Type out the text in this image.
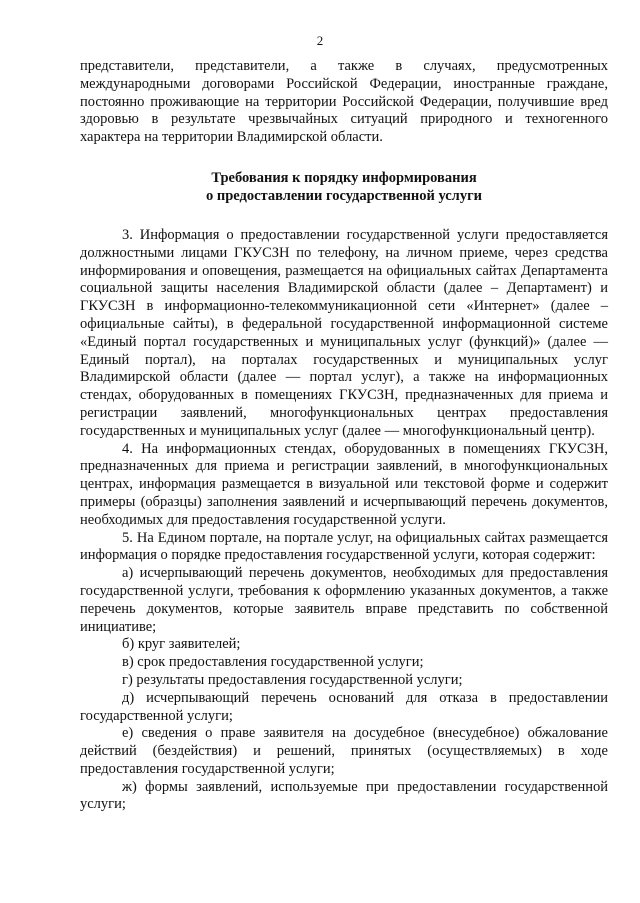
2

представители, представители, а также в случаях, предусмотренных международными договорами Российской Федерации, иностранные граждане, постоянно проживающие на территории Российской Федерации, получившие вред здоровью в результате чрезвычайных ситуаций природного и техногенного характера на территории Владимирской области.

Требования к порядку информирования
о предоставлении государственной услуги

3. Информация о предоставлении государственной услуги предоставляется должностными лицами ГКУСЗН по телефону, на личном приеме, через средства информирования и оповещения, размещается на официальных сайтах Департамента социальной защиты населения Владимирской области (далее – Департамент) и ГКУСЗН в информационно-телекоммуникационной сети «Интернет» (далее – официальные сайты), в федеральной государственной информационной системе «Единый портал государственных и муниципальных услуг (функций)» (далее — Единый портал), на порталах государственных и муниципальных услуг Владимирской области (далее — портал услуг), а также на информационных стендах, оборудованных в помещениях ГКУСЗН, предназначенных для приема и регистрации заявлений, многофункциональных центрах предоставления государственных и муниципальных услуг (далее — многофункциональный центр).

4. На информационных стендах, оборудованных в помещениях ГКУСЗН, предназначенных для приема и регистрации заявлений, в многофункциональных центрах, информация размещается в визуальной или текстовой форме и содержит примеры (образцы) заполнения заявлений и исчерпывающий перечень документов, необходимых для предоставления государственной услуги.

5. На Едином портале, на портале услуг, на официальных сайтах размещается информация о порядке предоставления государственной услуги, которая содержит:

а) исчерпывающий перечень документов, необходимых для предоставления государственной услуги, требования к оформлению указанных документов, а также перечень документов, которые заявитель вправе представить по собственной инициативе;

б) круг заявителей;

в) срок предоставления государственной услуги;

г) результаты предоставления государственной услуги;

д) исчерпывающий перечень оснований для отказа в предоставлении государственной услуги;

е) сведения о праве заявителя на досудебное (внесудебное) обжалование действий (бездействия) и решений, принятых (осуществляемых) в ходе предоставления государственной услуги;

ж) формы заявлений, используемые при предоставлении государственной услуги;
